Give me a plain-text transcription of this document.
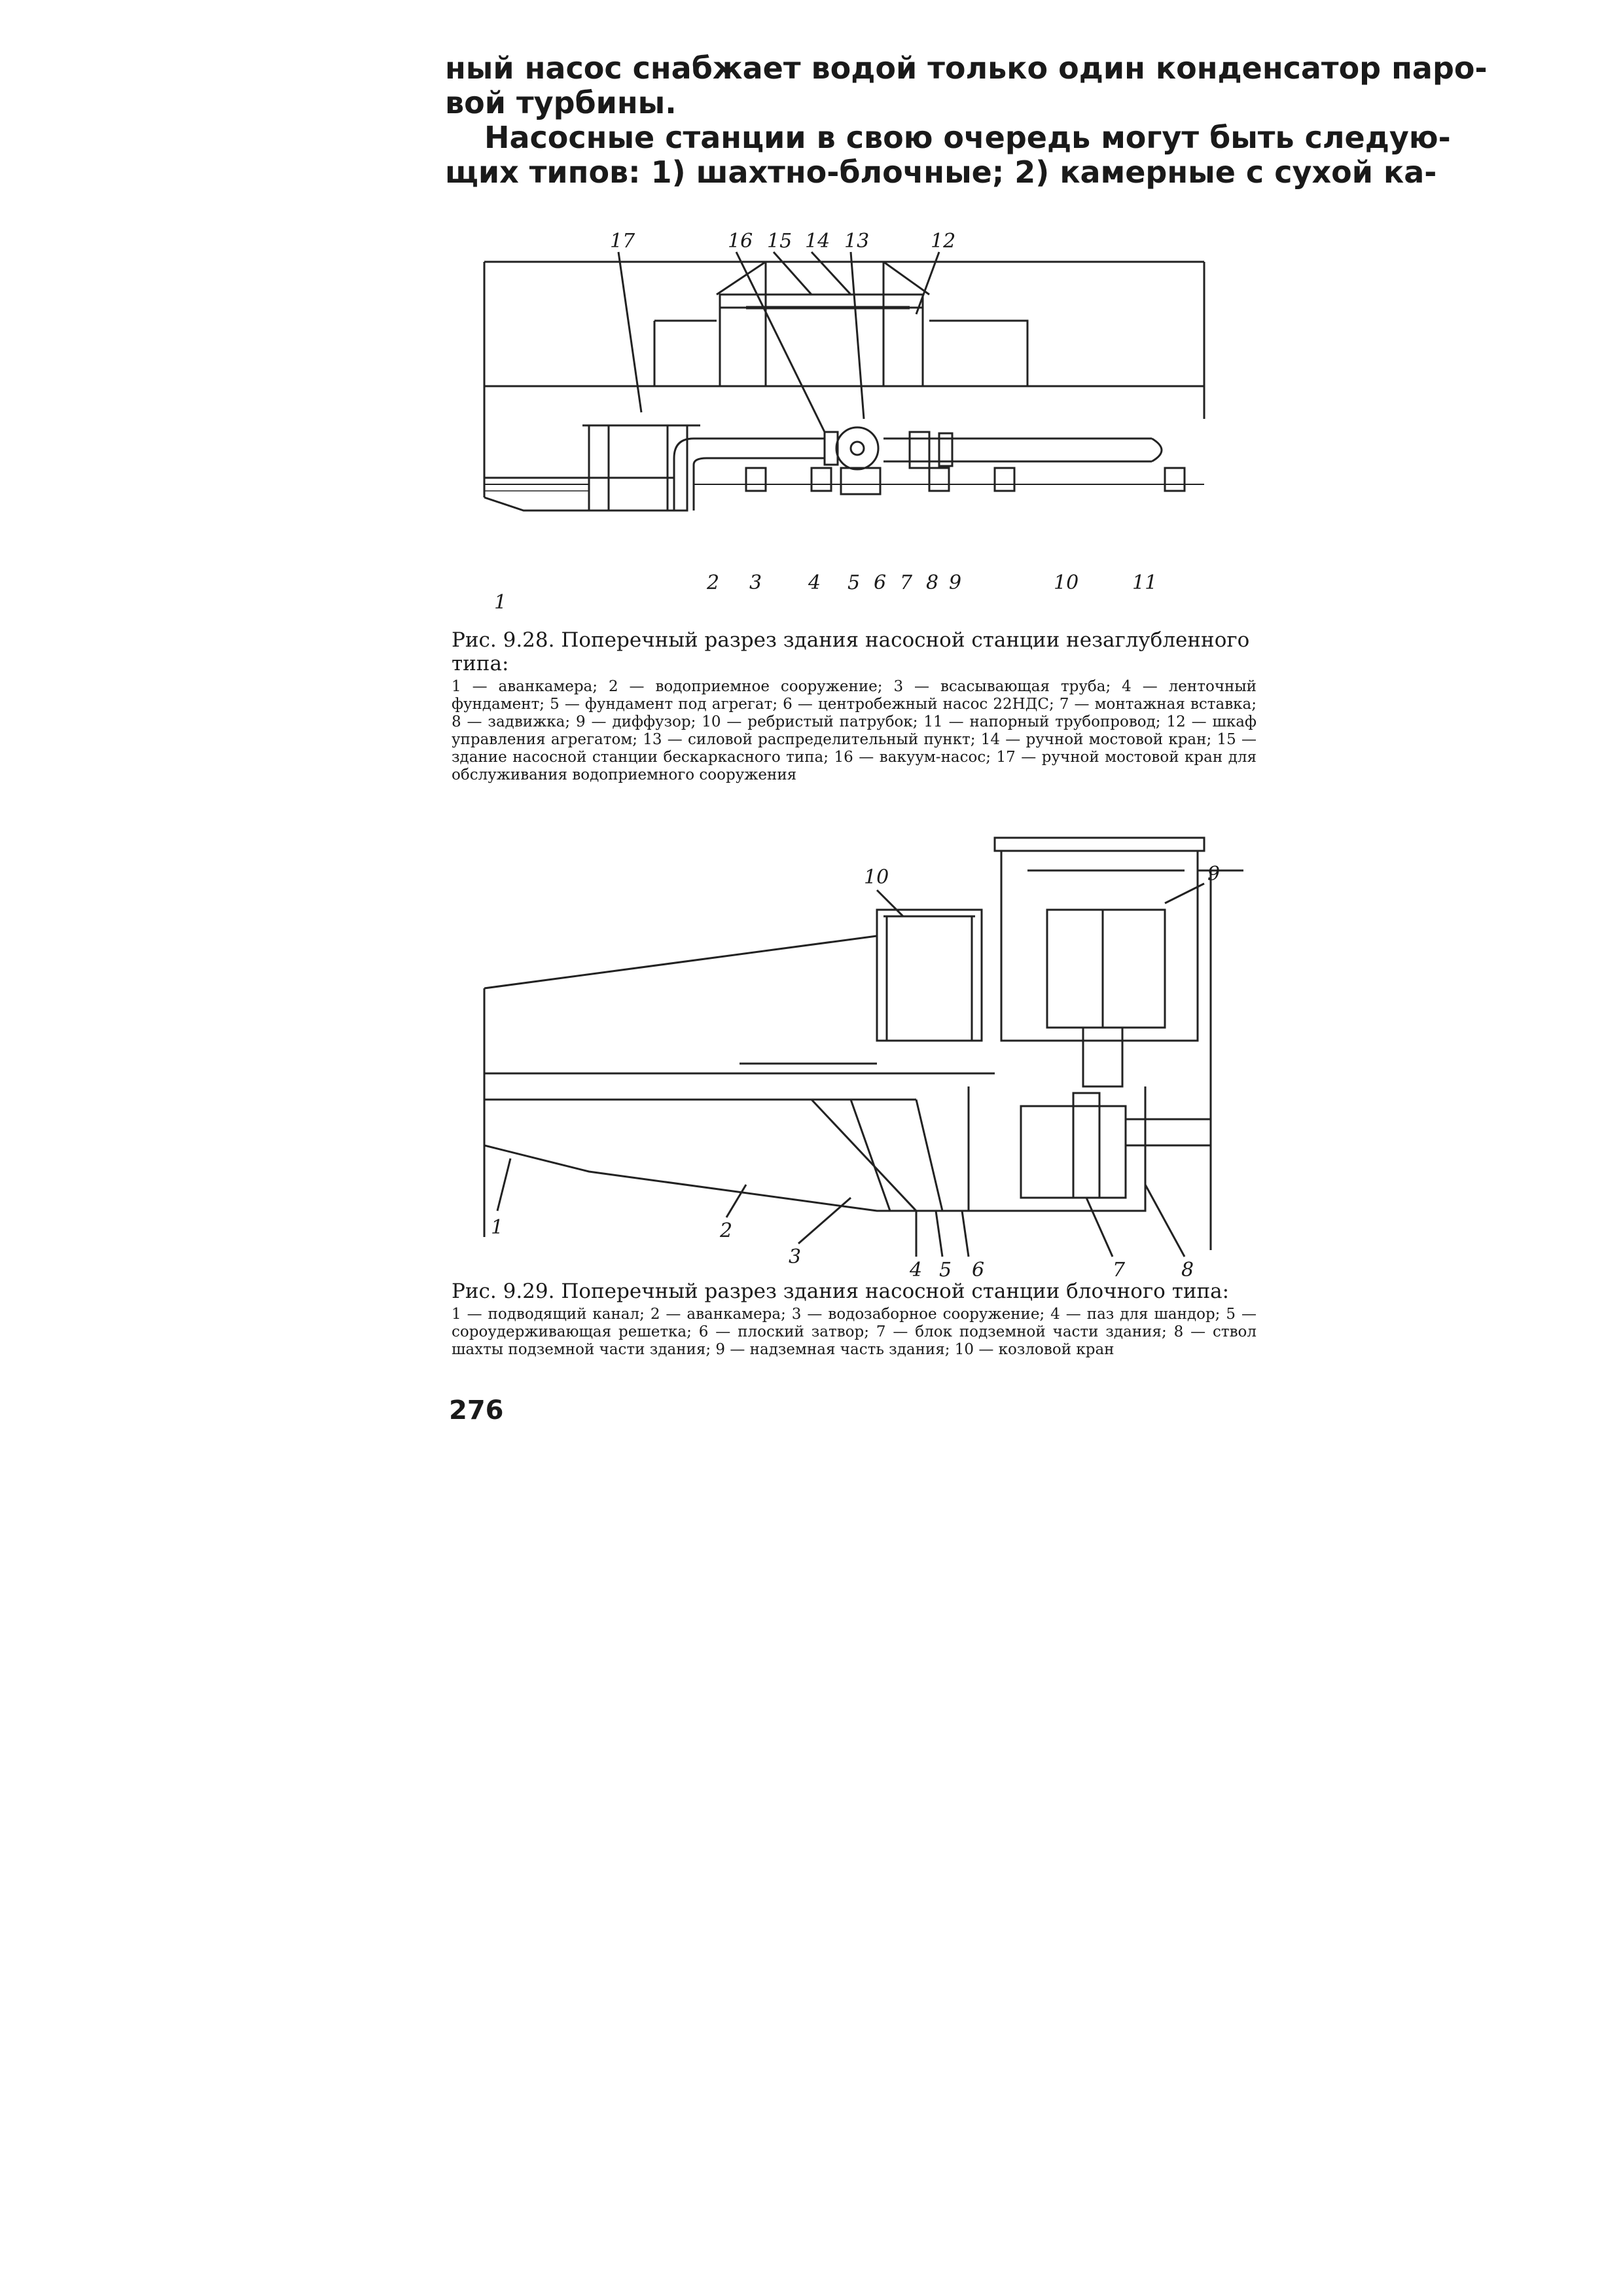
ный насос снабжает водой только один конденсатор паро-
вой турбины.
Насосные станции в свою очередь могут быть следую-
щих типов: 1) шахтно-блочные; 2) камерные с сухой ка-
17	16 15 14 13	12
1
2 3 4 5 6 7 8 9	10	11
Рис. 9.28. Поперечный разрез здания насосной станции незаглубленного типа:
1 — аванкамера; 2 — водоприемное сооружение; 3 — всасывающая труба; 4 — ленточный фундамент; 5 — фундамент под агрегат; 6 — центробежный насос 22НДС; 7 — монтажная вставка; 8 — задвижка; 9 — диффузор; 10 — ребристый патрубок; 11 — напорный трубопровод; 12 — шкаф управления агрегатом; 13 — силовой распределительный пункт; 14 — ручной мостовой кран; 15 — здание насосной станции бескаркасного типа; 16 — вакуум-насос; 17 — ручной мостовой кран для обслуживания водоприемного сооружения
10	9
1	2
3
4 5 6	7	8
Рис. 9.29. Поперечный разрез здания насосной станции блочного типа:
1 — подводящий канал; 2 — аванкамера; 3 — водозаборное сооружение; 4 — паз для шандор; 5 — сороудерживающая решетка; 6 — плоский затвор; 7 — блок подземной части здания; 8 — ствол шахты подземной части здания; 9 — надземная часть здания; 10 — козловой кран
276
